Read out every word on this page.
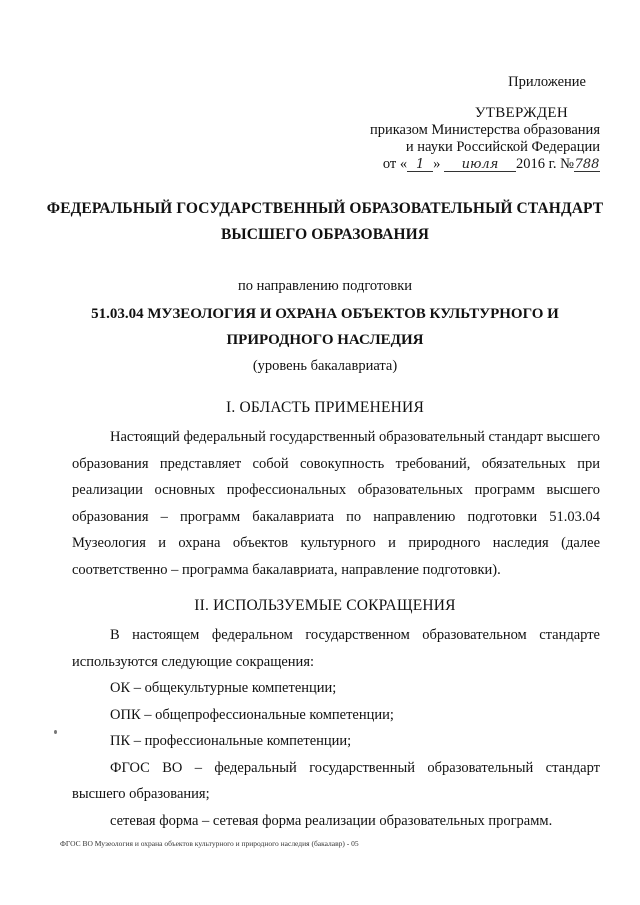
Приложение
УТВЕРЖДЕН
приказом Министерства образования
и науки Российской Федерации
от « 1 » июля 2016 г. №788
ФЕДЕРАЛЬНЫЙ ГОСУДАРСТВЕННЫЙ ОБРАЗОВАТЕЛЬНЫЙ СТАНДАРТ
ВЫСШЕГО ОБРАЗОВАНИЯ
по направлению подготовки
51.03.04 МУЗЕОЛОГИЯ И ОХРАНА ОБЪЕКТОВ КУЛЬТУРНОГО И
ПРИРОДНОГО НАСЛЕДИЯ
(уровень бакалавриата)
I. ОБЛАСТЬ ПРИМЕНЕНИЯ

Настоящий федеральный государственный образовательный стандарт высшего образования представляет собой совокупность требований, обязательных при реализации основных профессиональных образовательных программ высшего образования – программ бакалавриата по направлению подготовки 51.03.04 Музеология и охрана объектов культурного и природного наследия (далее соответственно – программа бакалавриата, направление подготовки).

II. ИСПОЛЬЗУЕМЫЕ СОКРАЩЕНИЯ

В настоящем федеральном государственном образовательном стандарте используются следующие сокращения:

ОК – общекультурные компетенции;

ОПК – общепрофессиональные компетенции;

ПК – профессиональные компетенции;

ФГОС ВО – федеральный государственный образовательный стандарт высшего образования;

сетевая форма – сетевая форма реализации образовательных программ.

ФГОС ВО Музеология и охрана объектов культурного и природного наследия (бакалавр) - 05
